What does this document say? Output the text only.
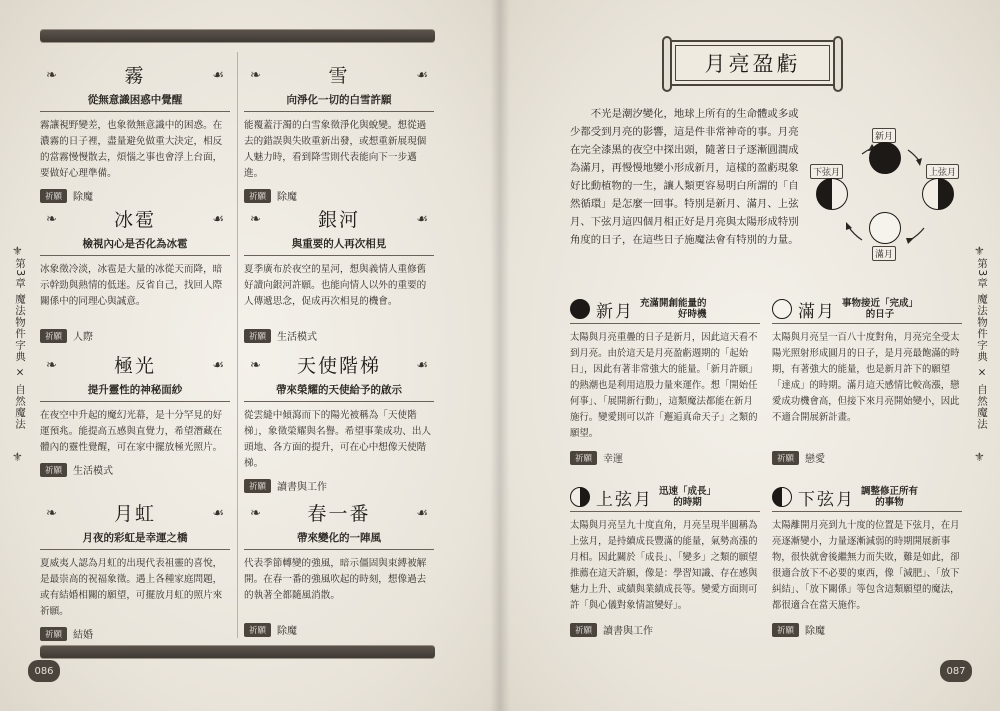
❧	霧	☙
從無意識困惑中覺醒
霧讓視野變差，也象徵無意識中的困惑。在濃霧的日子裡，盡量避免做重大決定，相反的當霧慢慢散去，煩惱之事也會浮上台面，要做好心理準備。
祈願	除魔
❧	雪	☙
向淨化一切的白雪許願
能覆蓋汙濁的白雪象徵淨化與蛻變。想從過去的錯誤與失敗重新出發，或想重新展現個人魅力時，看到降雪則代表能向下一步邁進。
祈願	除魔
❧	冰雹	☙
檢視內心是否化為冰雹
冰象徵冷淡，冰雹是大量的冰從天而降，暗示幹勁與熱情的低迷。反省自己，找回人際關係中的同理心與誠意。
祈願	人際
❧	銀河	☙
與重要的人再次相見
夏季廣布於夜空的星河，想與義情人重修舊好讀向銀河許願。也能向情人以外的重要的人傳遞思念，促成再次相見的機會。
祈願	生活模式
❧	極光	☙
提升靈性的神秘面紗
在夜空中升起的魔幻光幕，是十分罕見的好運預兆。能提高五感與直覺力，希望潛藏在體內的靈性覺醒，可在家中擺放極光照片。
祈願	生活模式
❧ 天使階梯	☙
帶來榮耀的天使給予的啟示
從雲縫中傾瀉而下的陽光被稱為「天使階梯」，象徵榮耀與名譽。希望事業成功、出人頭地、各方面的提升，可在心中想像天使階梯。
祈願	讀書與工作
❧	月虹	☙
月夜的彩虹是幸運之橋
夏威夷人認為月虹的出現代表祖靈的喜悅，是最崇高的祝福象徵。遇上各種家庭問題，或有結婚相關的願望，可擺放月虹的照片來祈願。
祈願	結婚
❧ 春一番	☙
帶來變化的一陣風
代表季節轉變的強風，暗示僵固與束縛被解開。在春一番的強風吹起的時刻，想像過去的執著全都隨風消散。
祈願	除魔
⚜
第3章 魔法物件字典 × 自然魔法
⚜
086
月亮盈虧
不光是潮汐變化，地球上所有的生命體或多或少都受到月亮的影響，這是件非常神奇的事。月亮在完全漆黑的夜空中探出頭，隨著日子逐漸圓潤成為滿月，再慢慢地變小形成新月，這樣的盈虧現象好比動植物的一生，讓人類更容易明白所謂的「自然循環」是怎麼一回事。特別是新月、滿月、上弦月、下弦月這四個月相正好是月亮與太陽形成特別角度的日子，在這些日子施魔法會有特別的力量。
新月
上弦月
滿月
下弦月
新月 充滿開創能量的
好時機
太陽與月亮重疊的日子是新月，因此這天看不到月亮。由於這天是月亮盈虧週期的「起始日」，因此有著非常強大的能量。「新月許願」的熱潮也是利用這股力量來運作。想「開始任何事」、「展開新行動」，這類魔法都能在新月施行。變愛則可以許「邂逅真命天子」之類的願望。
祈願	幸運
滿月 事物接近「完成」
的日子
太陽與月亮呈一百八十度對角，月亮完全受太陽光照射形成圓月的日子，是月亮最飽滿的時期，有著強大的能量，也是新月許下的願望「達成」的時期。滿月這天感情比較高漲，戀愛成功機會高，但接下來月亮開始變小，因此不適合開展新計畫。
祈願	戀愛
上弦月 迅速「成長」
的時期
太陽與月亮呈九十度直角，月亮呈現半圓稱為上弦月，是持續成長豐滿的能量，氣勢高漲的月相。因此關於「成長」、「變多」之類的願望推薦在這天許願，像是：學習知識、存在感與魅力上升、或績與業績成長等。變愛方面則可許「與心儀對象情誼變好」。
祈願	讀書與工作
下弦月 調整修正所有
的事物
太陽離開月亮到九十度的位置是下弦月，在月亮逐漸變小，力量逐漸減弱的時期開展新事物，很快就會後繼無力而失敗，難是如此，卻很適合放下不必要的東西，像「減肥」、「放下糾結」、「放下關係」等包含這類願望的魔法，都很適合在當天施作。
祈願	除魔
⚜
第3章 魔法物件字典 × 自然魔法
⚜
087
